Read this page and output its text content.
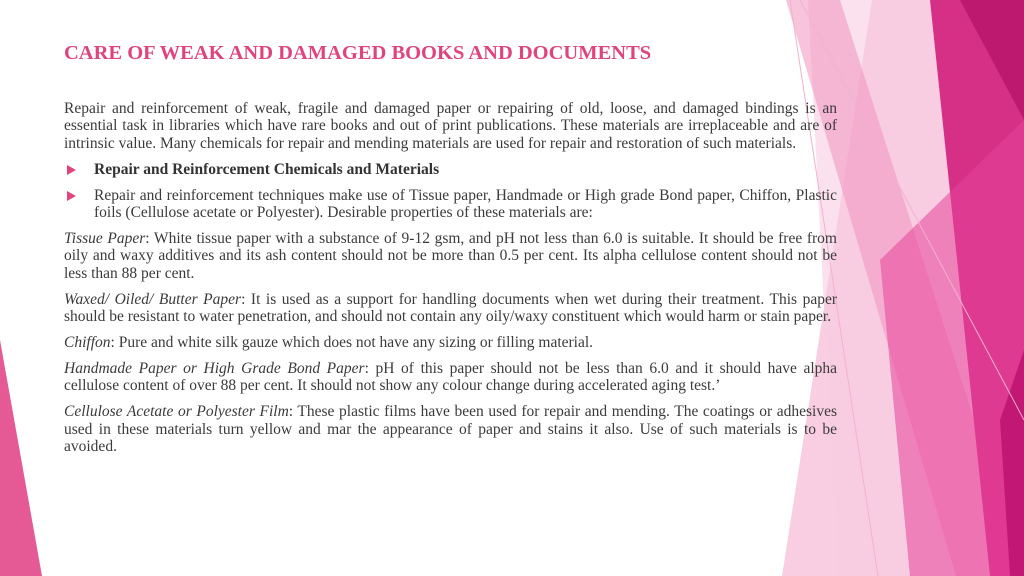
CARE OF WEAK AND DAMAGED BOOKS AND DOCUMENTS

Repair and reinforcement of weak, fragile and damaged paper or repairing of old, loose, and damaged bindings is an essential task in libraries which have rare books and out of print publications. These materials are irreplaceable and are of intrinsic value. Many chemicals for repair and mending materials are used for repair and restoration of such materials.

Repair and Reinforcement Chemicals and Materials
Repair and reinforcement techniques make use of Tissue paper, Handmade or High grade Bond paper, Chiffon, Plastic foils (Cellulose acetate or Polyester). Desirable properties of these materials are:

Tissue Paper: White tissue paper with a substance of 9-12 gsm, and pH not less than 6.0 is suitable. It should be free from oily and waxy additives and its ash content should not be more than 0.5 per cent. Its alpha cellulose content should not be less than 88 per cent.

Waxed/ Oiled/ Butter Paper: It is used as a support for handling documents when wet during their treatment. This paper should be resistant to water penetration, and should not contain any oily/waxy constituent which would harm or stain paper.

Chiffon: Pure and white silk gauze which does not have any sizing or filling material.

Handmade Paper or High Grade Bond Paper: pH of this paper should not be less than 6.0 and it should have alpha cellulose content of over 88 per cent. It should not show any colour change during accelerated aging test.’

Cellulose Acetate or Polyester Film: These plastic films have been used for repair and mending. The coatings or adhesives used in these materials turn yellow and mar the appearance of paper and stains it also. Use of such materials is to be avoided.
